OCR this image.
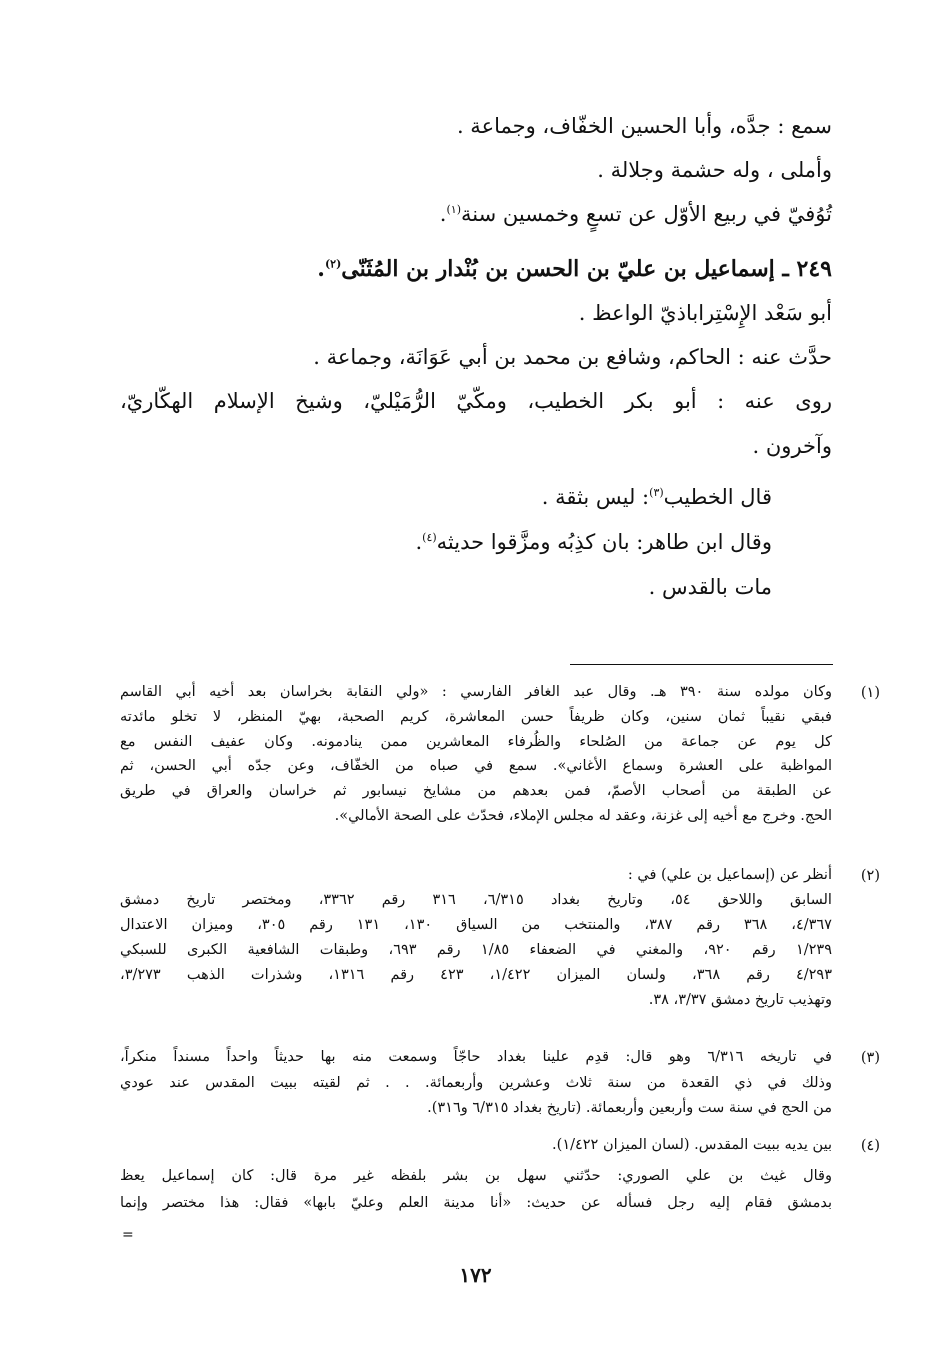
سمع : جدَّه، وأبا الحسين الخفّاف، وجماعة .
وأملى ، وله حشمة وجلالة .
تُوُفيّ في ربيع الأوّل عن تسعٍ وخمسين سنة$^{(١)}$.
٢٤٩ ـ إسماعيل بن عليّ بن الحسن بن بُنْدار بن المُثَنّى$^{(٢)}$.
أبو سَعْد الإِسْتِراباذيّ الواعظ .
حدَّث عنه : الحاكم، وشافع بن محمد بن أبي عَوَانَة، وجماعة .
روى عنه : أبو بكر الخطيب، ومكّيّ الرُّمَيْليّ، وشيخ الإسلام الهكّاريّ،
وآخرون .
قال الخطيب$^{(٣)}$: ليس بثقة .
وقال ابن طاهر: بان كذِبُه ومزَّقوا حديثه$^{(٤)}$.
مات بالقدس .
(١)
وكان مولده سنة ٣٩٠ هـ. وقال عبد الغافر الفارسي : «ولي النقابة بخراسان بعد أخيه أبي القاسم
فبقي نقيباً ثمان سنين، وكان ظريفاً حسن المعاشرة، كريم الصحبة، بهيّ المنظر، لا تخلو مائدته
كل يوم عن جماعة من الصُلحاء والظُرفاء المعاشرين ممن ينادمونه. وكان عفيف النفس مع
المواظبة على العشرة وسماع الأغاني». سمع في صباه من الخفّاف، وعن جدّه أبي الحسن، ثم
عن الطبقة من أصحاب الأصمّ، فمن بعدهم من مشايخ نيسابور ثم خراسان والعراق في طريق
الحج. وخرج مع أخيه إلى غزنة، وعقد له مجلس الإملاء، فحدّث على الصحة الأمالي».
(٢)
أنظر عن (إسماعيل بن علي) في :
السابق واللاحق ٥٤، وتاريخ بغداد ٦/٣١٥، ٣١٦ رقم ٣٣٦٢، ومختصر تاريخ دمشق
٤/٣٦٧، ٣٦٨ رقم ٣٨٧، والمنتخب من السياق ١٣٠، ١٣١ رقم ٣٠٥، وميزان الاعتدال
١/٢٣٩ رقم ٩٢٠، والمغني في الضعفاء ١/٨٥ رقم ٦٩٣، وطبقات الشافعية الكبرى للسبكي
٤/٢٩٣ رقم ٣٦٨، ولسان الميزان ١/٤٢٢، ٤٢٣ رقم ١٣١٦، وشذرات الذهب ٣/٢٧٣،
وتهذيب تاريخ دمشق ٣/٣٧، ٣٨.
(٣)
في تاريخه ٦/٣١٦ وهو قال: قدِم علينا بغداد حاجّاً وسمعت منه بها حديثاً واحداً مسنداً منكراً،
وذلك في ذي القعدة من سنة ثلاث وعشرين وأربعمائة. . . ثم لقيته ببيت المقدس عند عودي
من الحج في سنة ست وأربعين وأربعمائة. (تاريخ بغداد ٦/٣١٥ و٣١٦).
(٤)
بين يديه ببيت المقدس. (لسان الميزان ١/٤٢٢).
وقال غيث بن علي الصوري: حدّثني سهل بن بشر بلفظه غير مرة قال: كان إسماعيل يعظ
بدمشق فقام إليه رجل فسأله عن حديث: «أنا مدينة العلم وعليّ بابها» فقال: هذا مختصر وإنما
=
١٧٢
